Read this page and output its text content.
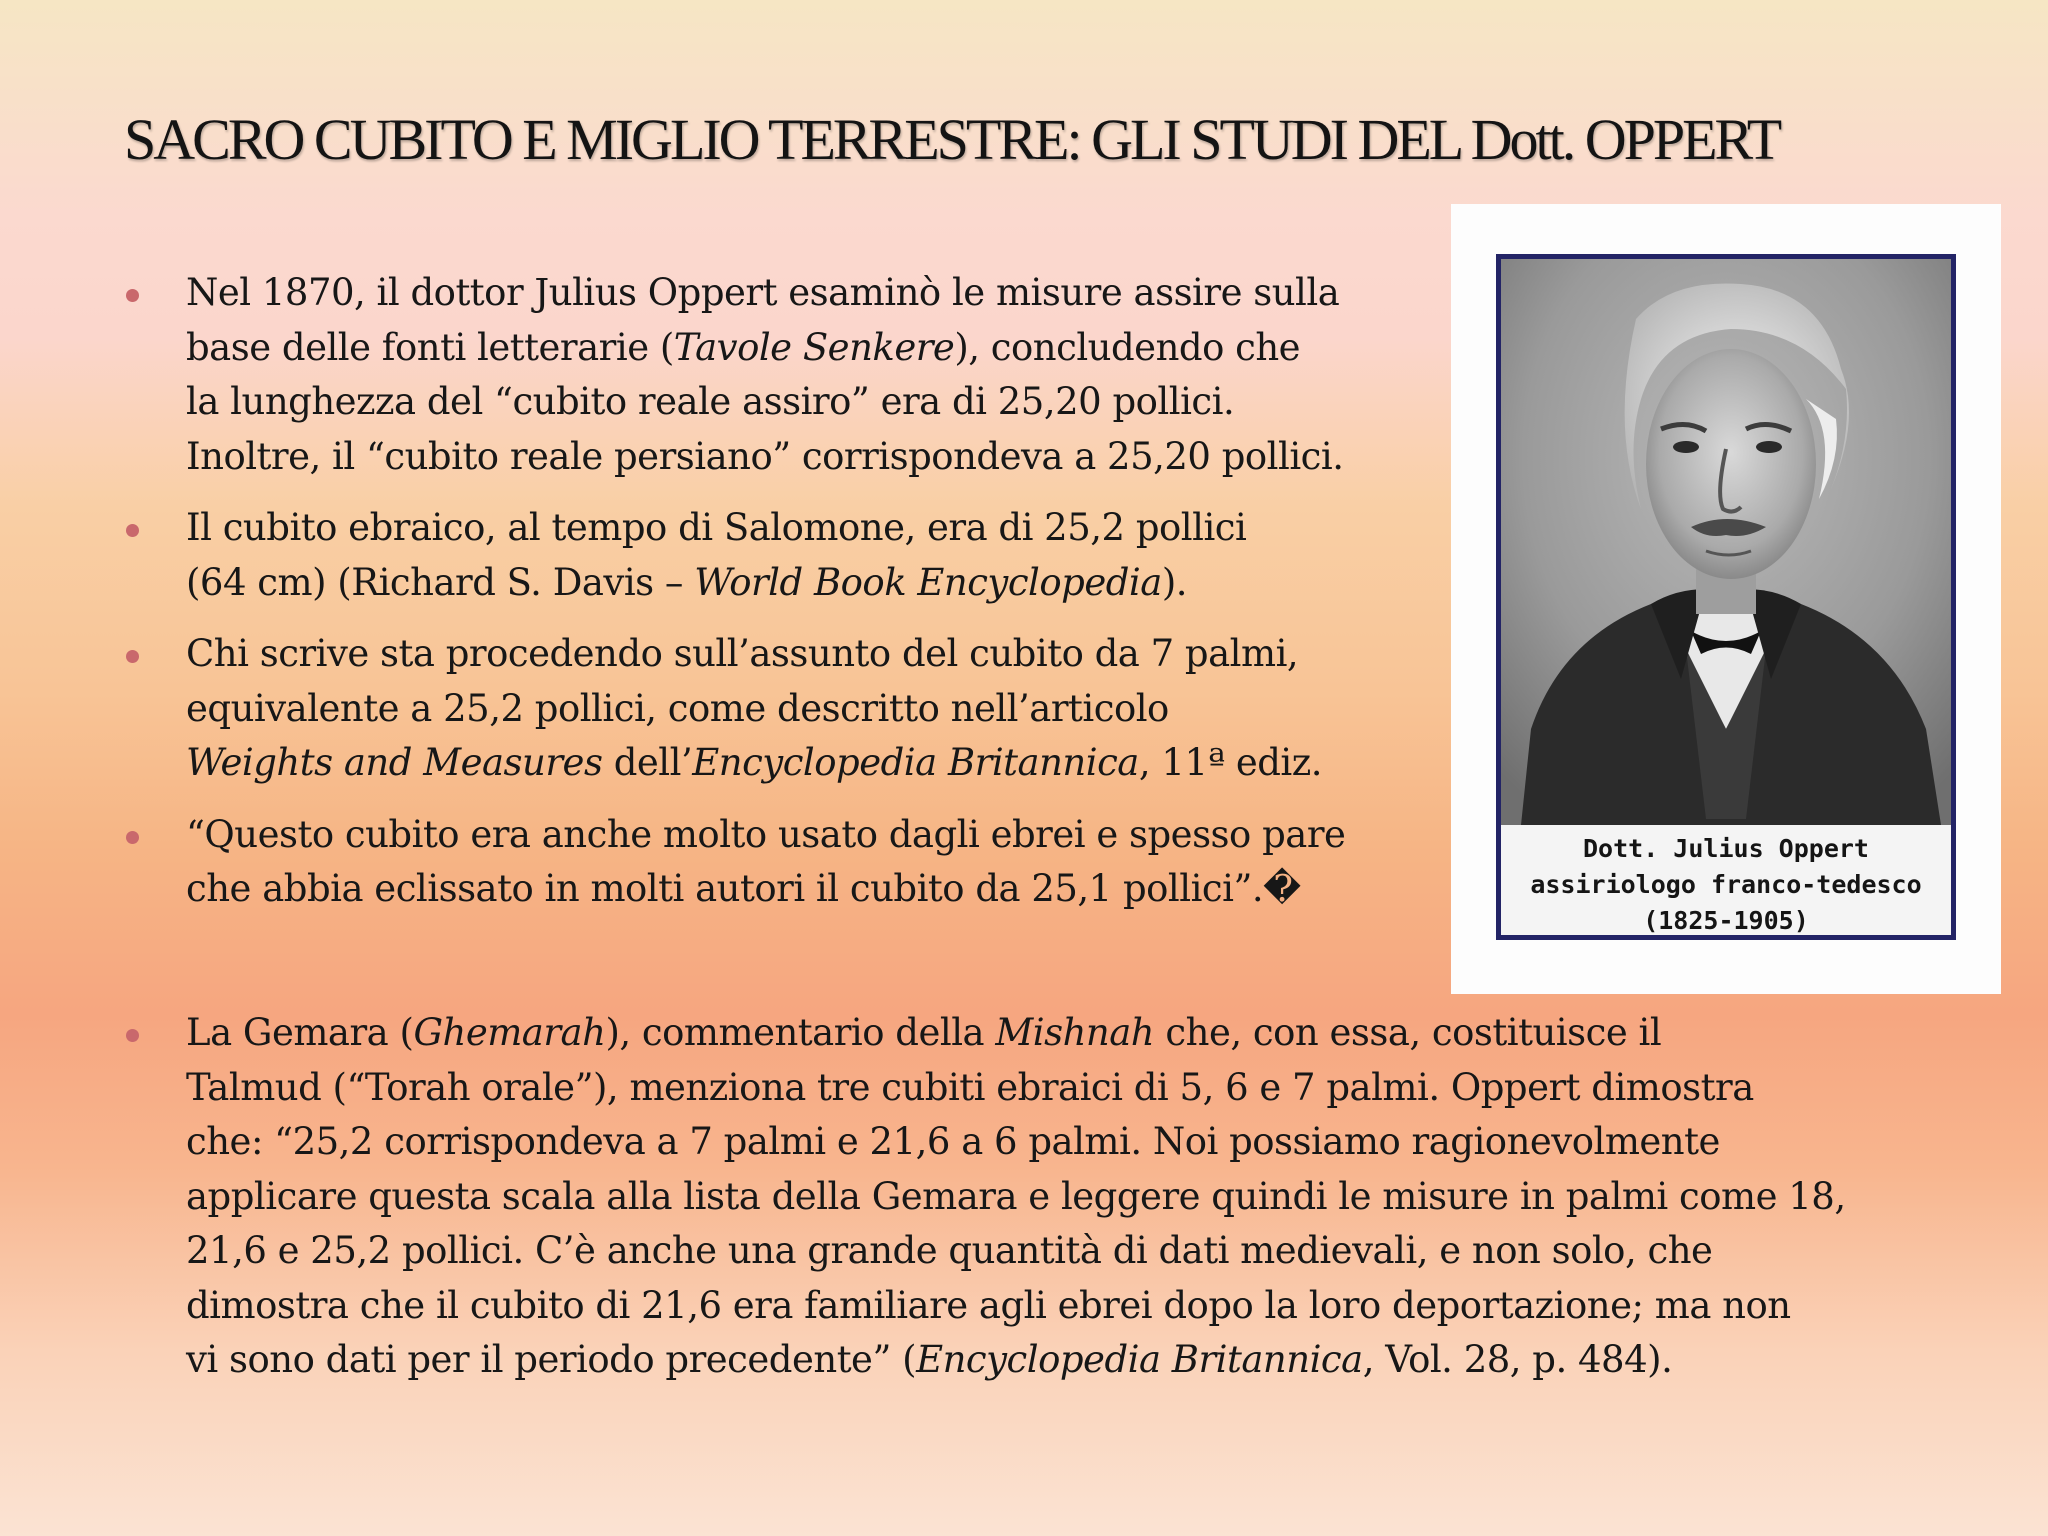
SACRO CUBITO E MIGLIO TERRESTRE: GLI STUDI DEL Dott. OPPERT
Nel 1870, il dottor Julius Oppert esaminò le misure assire sulla
base delle fonti letterarie (Tavole Senkere), concludendo che
la lunghezza del “cubito reale assiro” era di 25,20 pollici.
Inoltre, il “cubito reale persiano” corrispondeva a 25,20 pollici.
Il cubito ebraico, al tempo di Salomone, era di 25,2 pollici
(64 cm) (Richard S. Davis – World Book Encyclopedia).
Chi scrive sta procedendo sull’assunto del cubito da 7 palmi,
equivalente a 25,2 pollici, come descritto nell’articolo
Weights and Measures dell’Encyclopedia Britannica, 11ª ediz.
“Questo cubito era anche molto usato dagli ebrei e spesso pare
che abbia eclissato in molti autori il cubito da 25,1 pollici”.�
La Gemara (Ghemarah), commentario della Mishnah che, con essa, costituisce il
Talmud (“Torah orale”), menziona tre cubiti ebraici di 5, 6 e 7 palmi. Oppert dimostra
che: “25,2 corrispondeva a 7 palmi e 21,6 a 6 palmi. Noi possiamo ragionevolmente
applicare questa scala alla lista della Gemara e leggere quindi le misure in palmi come 18,
21,6 e 25,2 pollici. C’è anche una grande quantità di dati medievali, e non solo, che
dimostra che il cubito di 21,6 era familiare agli ebrei dopo la loro deportazione; ma non
vi sono dati per il periodo precedente” (Encyclopedia Britannica, Vol. 28, p. 484).
Dott. Julius Oppert
assiriologo franco-tedesco
(1825-1905)
